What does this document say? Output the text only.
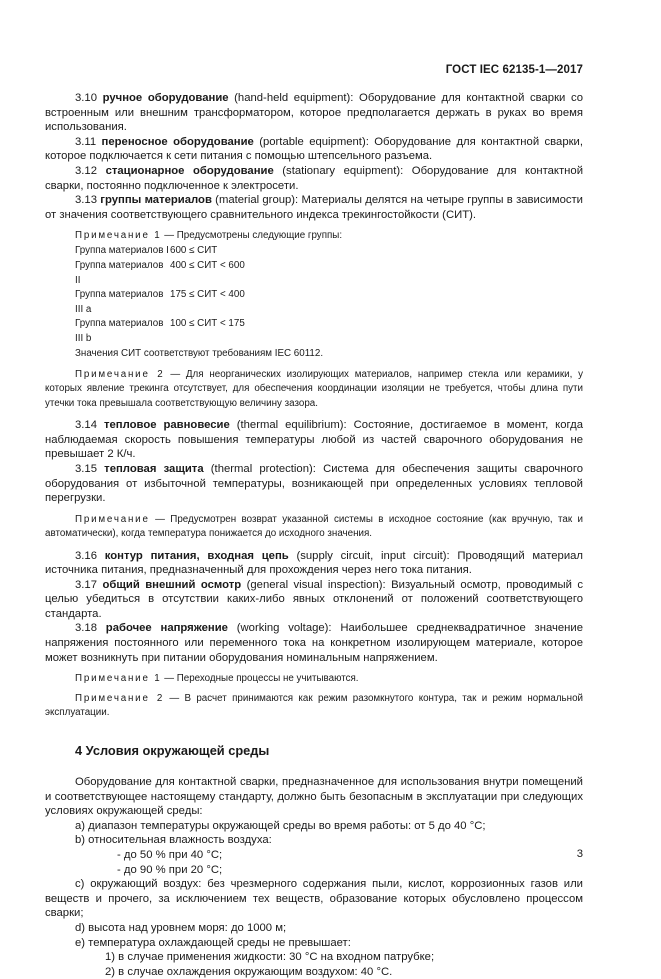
ГОСТ IEC 62135-1—2017

3.10 ручное оборудование (hand-held equipment): Оборудование для контактной сварки со встроенным или внешним трансформатором, которое предполагается держать в руках во время использования.

3.11 переносное оборудование (portable equipment): Оборудование для контактной сварки, которое подключается к сети питания с помощью штепсельного разъема.

3.12 стационарное оборудование (stationary equipment): Оборудование для контактной сварки, постоянно подключенное к электросети.

3.13 группы материалов (material group): Материалы делятся на четыре группы в зависимости от значения соответствующего сравнительного индекса трекингостойкости (СИТ).

Примечание 1 — Предусмотрены следующие группы:

Группа материалов I	600 ≤ СИТ
Группа материалов II	400 ≤ СИТ < 600
Группа материалов III a	175 ≤ СИТ < 400
Группа материалов III b	100 ≤ СИТ < 175

Значения СИТ соответствуют требованиям IEC 60112.

Примечание 2 — Для неорганических изолирующих материалов, например стекла или керамики, у которых явление трекинга отсутствует, для обеспечения координации изоляции не требуется, чтобы длина пути утечки тока превышала соответствующую величину зазора.

3.14 тепловое равновесие (thermal equilibrium): Состояние, достигаемое в момент, когда наблюдаемая скорость повышения температуры любой из частей сварочного оборудования не превышает 2 К/ч.

3.15 тепловая защита (thermal protection): Система для обеспечения защиты сварочного оборудования от избыточной температуры, возникающей при определенных условиях тепловой перегрузки.

Примечание — Предусмотрен возврат указанной системы в исходное состояние (как вручную, так и автоматически), когда температура понижается до исходного значения.

3.16 контур питания, входная цепь (supply circuit, input circuit): Проводящий материал источника питания, предназначенный для прохождения через него тока питания.

3.17 общий внешний осмотр (general visual inspection): Визуальный осмотр, проводимый с целью убедиться в отсутствии каких-либо явных отклонений от положений соответствующего стандарта.

3.18 рабочее напряжение (working voltage): Наибольшее среднеквадратичное значение напряжения постоянного или переменного тока на конкретном изолирующем материале, которое может возникнуть при питании оборудования номинальным напряжением.

Примечание 1 — Переходные процессы не учитываются.

Примечание 2 — В расчет принимаются как режим разомкнутого контура, так и режим нормальной эксплуатации.

4 Условия окружающей среды

Оборудование для контактной сварки, предназначенное для использования внутри помещений и соответствующее настоящему стандарту, должно быть безопасным в эксплуатации при следующих условиях окружающей среды:

a) диапазон температуры окружающей среды во время работы: от 5 до 40 °С;

b) относительная влажность воздуха:

- до 50 % при 40 °С;

- до 90 % при 20 °С;

c) окружающий воздух: без чрезмерного содержания пыли, кислот, коррозионных газов или веществ и прочего, за исключением тех веществ, образование которых обусловлено процессом сварки;

d) высота над уровнем моря: до 1000 м;

e) температура охлаждающей среды не превышает:

1) в случае применения жидкости: 30 °С на входном патрубке;

2) в случае охлаждения окружающим воздухом: 40 °С.

3
